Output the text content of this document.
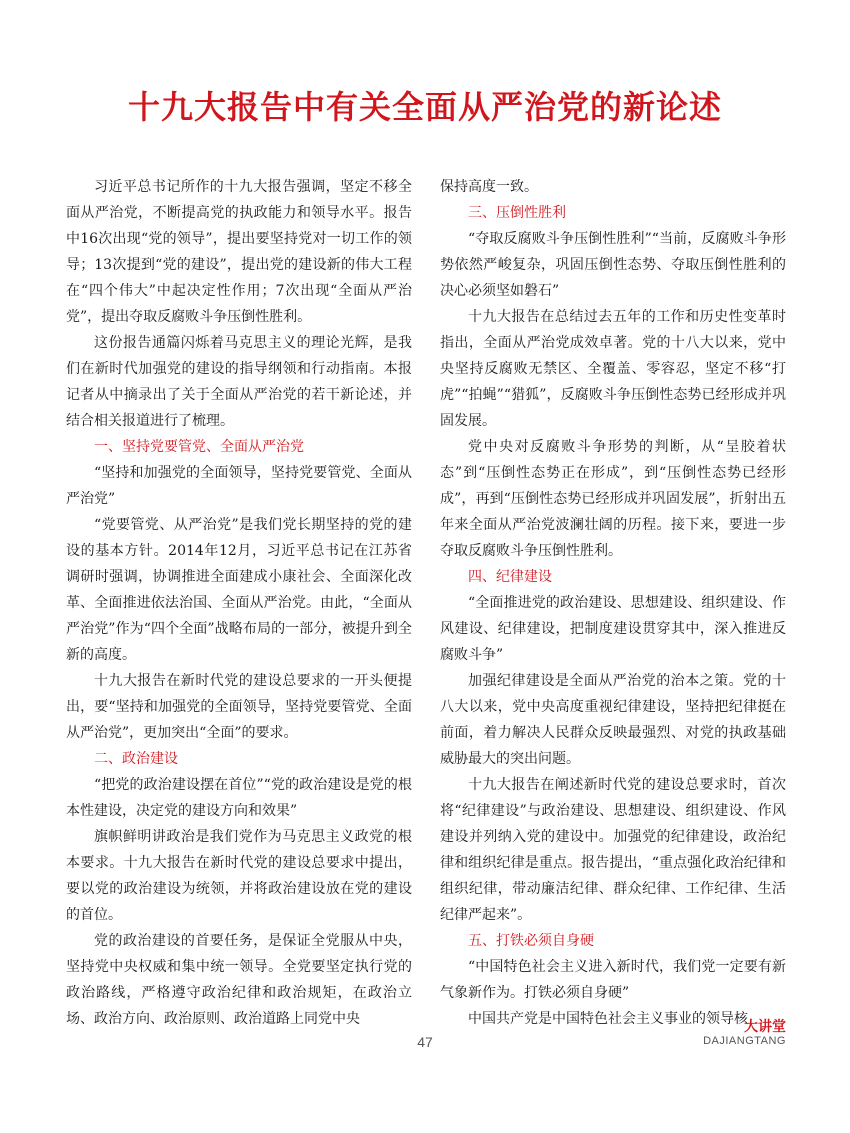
十九大报告中有关全面从严治党的新论述

习近平总书记所作的十九大报告强调，坚定不移全面从严治党，不断提高党的执政能力和领导水平。报告中16次出现“党的领导”，提出要坚持党对一切工作的领导；13次提到“党的建设”，提出党的建设新的伟大工程在“四个伟大”中起决定性作用；7次出现“全面从严治党”，提出夺取反腐败斗争压倒性胜利。

这份报告通篇闪烁着马克思主义的理论光辉，是我们在新时代加强党的建设的指导纲领和行动指南。本报记者从中摘录出了关于全面从严治党的若干新论述，并结合相关报道进行了梳理。

一、坚持党要管党、全面从严治党

“坚持和加强党的全面领导，坚持党要管党、全面从严治党”

“党要管党、从严治党”是我们党长期坚持的党的建设的基本方针。2014年12月，习近平总书记在江苏省调研时强调，协调推进全面建成小康社会、全面深化改革、全面推进依法治国、全面从严治党。由此，“全面从严治党”作为“四个全面”战略布局的一部分，被提升到全新的高度。

十九大报告在新时代党的建设总要求的一开头便提出，要“坚持和加强党的全面领导，坚持党要管党、全面从严治党”，更加突出“全面”的要求。

二、政治建设

“把党的政治建设摆在首位”“党的政治建设是党的根本性建设，决定党的建设方向和效果”

旗帜鲜明讲政治是我们党作为马克思主义政党的根本要求。十九大报告在新时代党的建设总要求中提出，要以党的政治建设为统领，并将政治建设放在党的建设的首位。

党的政治建设的首要任务，是保证全党服从中央，坚持党中央权威和集中统一领导。全党要坚定执行党的政治路线，严格遵守政治纪律和政治规矩，在政治立场、政治方向、政治原则、政治道路上同党中央

保持高度一致。

三、压倒性胜利

“夺取反腐败斗争压倒性胜利”“当前，反腐败斗争形势依然严峻复杂，巩固压倒性态势、夺取压倒性胜利的决心必须坚如磐石”

十九大报告在总结过去五年的工作和历史性变革时指出，全面从严治党成效卓著。党的十八大以来，党中央坚持反腐败无禁区、全覆盖、零容忍，坚定不移“打虎”“拍蝇”“猎狐”，反腐败斗争压倒性态势已经形成并巩固发展。

党中央对反腐败斗争形势的判断，从“呈胶着状态”到“压倒性态势正在形成”，到“压倒性态势已经形成”，再到“压倒性态势已经形成并巩固发展”，折射出五年来全面从严治党波澜壮阔的历程。接下来，要进一步夺取反腐败斗争压倒性胜利。

四、纪律建设

“全面推进党的政治建设、思想建设、组织建设、作风建设、纪律建设，把制度建设贯穿其中，深入推进反腐败斗争”

加强纪律建设是全面从严治党的治本之策。党的十八大以来，党中央高度重视纪律建设，坚持把纪律挺在前面，着力解决人民群众反映最强烈、对党的执政基础威胁最大的突出问题。

十九大报告在阐述新时代党的建设总要求时，首次将“纪律建设”与政治建设、思想建设、组织建设、作风建设并列纳入党的建设中。加强党的纪律建设，政治纪律和组织纪律是重点。报告提出，“重点强化政治纪律和组织纪律，带动廉洁纪律、群众纪律、工作纪律、生活纪律严起来”。

五、打铁必须自身硬

“中国特色社会主义进入新时代，我们党一定要有新气象新作为。打铁必须自身硬”

中国共产党是中国特色社会主义事业的领导核

47
大讲堂
DAJIANGTANG
